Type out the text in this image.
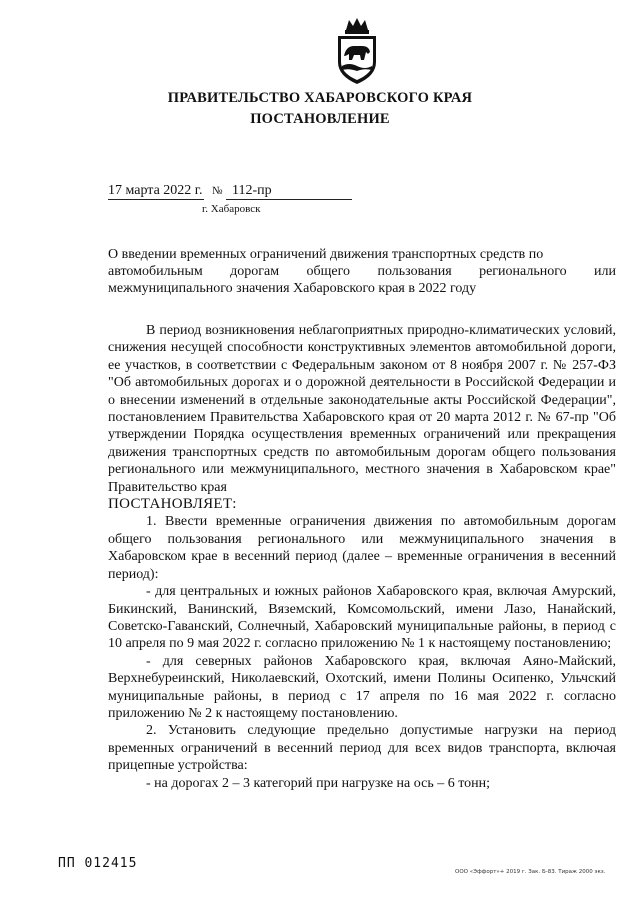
ПРАВИТЕЛЬСТВО ХАБАРОВСКОГО КРАЯ
ПОСТАНОВЛЕНИЕ
17 марта 2022 г. № 112-пр
г. Хабаровск
О введении временных ограничений движения транспортных средств по
автомобильным дорогам общего пользования регионального или
межмуниципального значения Хабаровского края в 2022 году

В период возникновения неблагоприятных природно-климатических условий, снижения несущей способности конструктивных элементов автомобильной дороги, ее участков, в соответствии с Федеральным законом от 8 ноября 2007 г. № 257-ФЗ "Об автомобильных дорогах и о дорожной деятельности в Российской Федерации и о внесении изменений в отдельные законодательные акты Российской Федерации", постановлением Правительства Хабаровского края от 20 марта 2012 г. № 67-пр "Об утверждении Порядка осуществления временных ограничений или прекращения движения транспортных средств по автомобильным дорогам общего пользования регионального или межмуниципального, местного значения в Хабаровском крае" Правительство края

ПОСТАНОВЛЯЕТ:

1. Ввести временные ограничения движения по автомобильным дорогам общего пользования регионального или межмуниципального значения в Хабаровском крае в весенний период (далее – временные ограничения в весенний период):

- для центральных и южных районов Хабаровского края, включая Амурский, Бикинский, Ванинский, Вяземский, Комсомольский, имени Лазо, Нанайский, Советско-Гаванский, Солнечный, Хабаровский муниципальные районы, в период с 10 апреля по 9 мая 2022 г. согласно приложению № 1 к настоящему постановлению;

- для северных районов Хабаровского края, включая Аяно-Майский, Верхнебуреинский, Николаевский, Охотский, имени Полины Осипенко, Ульчский муниципальные районы, в период с 17 апреля по 16 мая 2022 г. согласно приложению № 2 к настоящему постановлению.

2. Установить следующие предельно допустимые нагрузки на период временных ограничений в весенний период для всех видов транспорта, включая прицепные устройства:

- на дорогах 2 – 3 категорий при нагрузке на ось – 6 тонн;

ПП 012415
ООО «Эффорт»+ 2019 г. Зак. Б-83. Тираж 2000 экз.
